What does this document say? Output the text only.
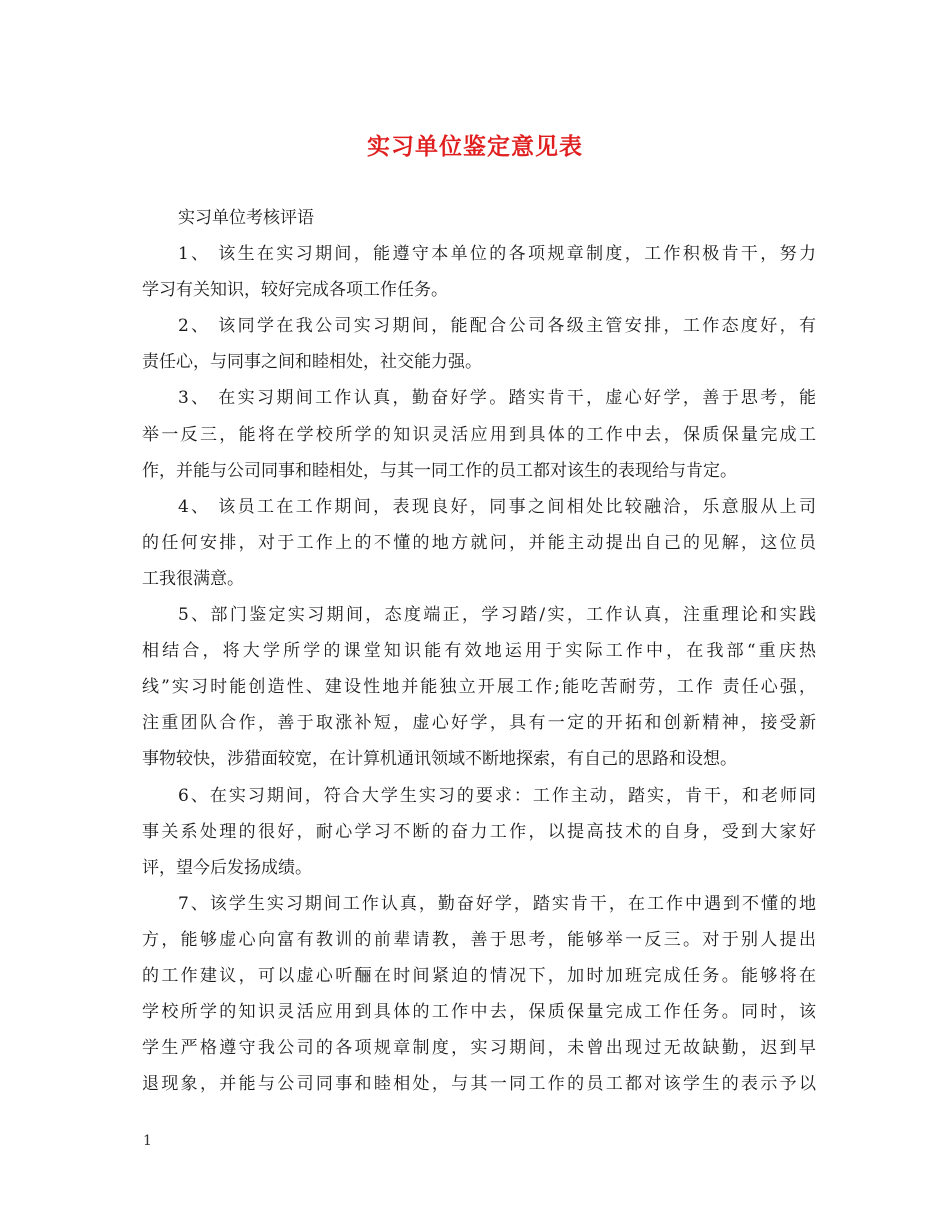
实习单位鉴定意见表
实习单位考核评语
1、 该生在实习期间，能遵守本单位的各项规章制度，工作积极肯干，努力
学习有关知识，较好完成各项工作任务。
2、 该同学在我公司实习期间，能配合公司各级主管安排，工作态度好，有
责任心，与同事之间和睦相处，社交能力强。
3、 在实习期间工作认真，勤奋好学。踏实肯干，虚心好学，善于思考，能
举一反三，能将在学校所学的知识灵活应用到具体的工作中去，保质保量完成工
作，并能与公司同事和睦相处，与其一同工作的员工都对该生的表现给与肯定。
4、 该员工在工作期间，表现良好，同事之间相处比较融洽，乐意服从上司
的任何安排，对于工作上的不懂的地方就问，并能主动提出自己的见解，这位员
工我很满意。
5、部门鉴定实习期间，态度端正，学习踏/实，工作认真，注重理论和实践
相结合，将大学所学的课堂知识能有效地运用于实际工作中，在我部“重庆热
线”实习时能创造性、建设性地并能独立开展工作;能吃苦耐劳，工作 责任心强，
注重团队合作，善于取涨补短，虚心好学，具有一定的开拓和创新精神，接受新
事物较快，涉猎面较宽，在计算机通讯领域不断地探索，有自己的思路和设想。
6、在实习期间，符合大学生实习的要求：工作主动，踏实，肯干，和老师同
事关系处理的很好，耐心学习不断的奋力工作，以提高技术的自身，受到大家好
评，望今后发扬成绩。
7、该学生实习期间工作认真，勤奋好学，踏实肯干，在工作中遇到不懂的地
方，能够虚心向富有教训的前辈请教，善于思考，能够举一反三。对于别人提出
的工作建议，可以虚心听酾在时间紧迫的情况下，加时加班完成任务。能够将在
学校所学的知识灵活应用到具体的工作中去，保质保量完成工作任务。同时，该
学生严格遵守我公司的各项规章制度，实习期间，未曾出现过无故缺勤，迟到早
退现象，并能与公司同事和睦相处，与其一同工作的员工都对该学生的表示予以
1
